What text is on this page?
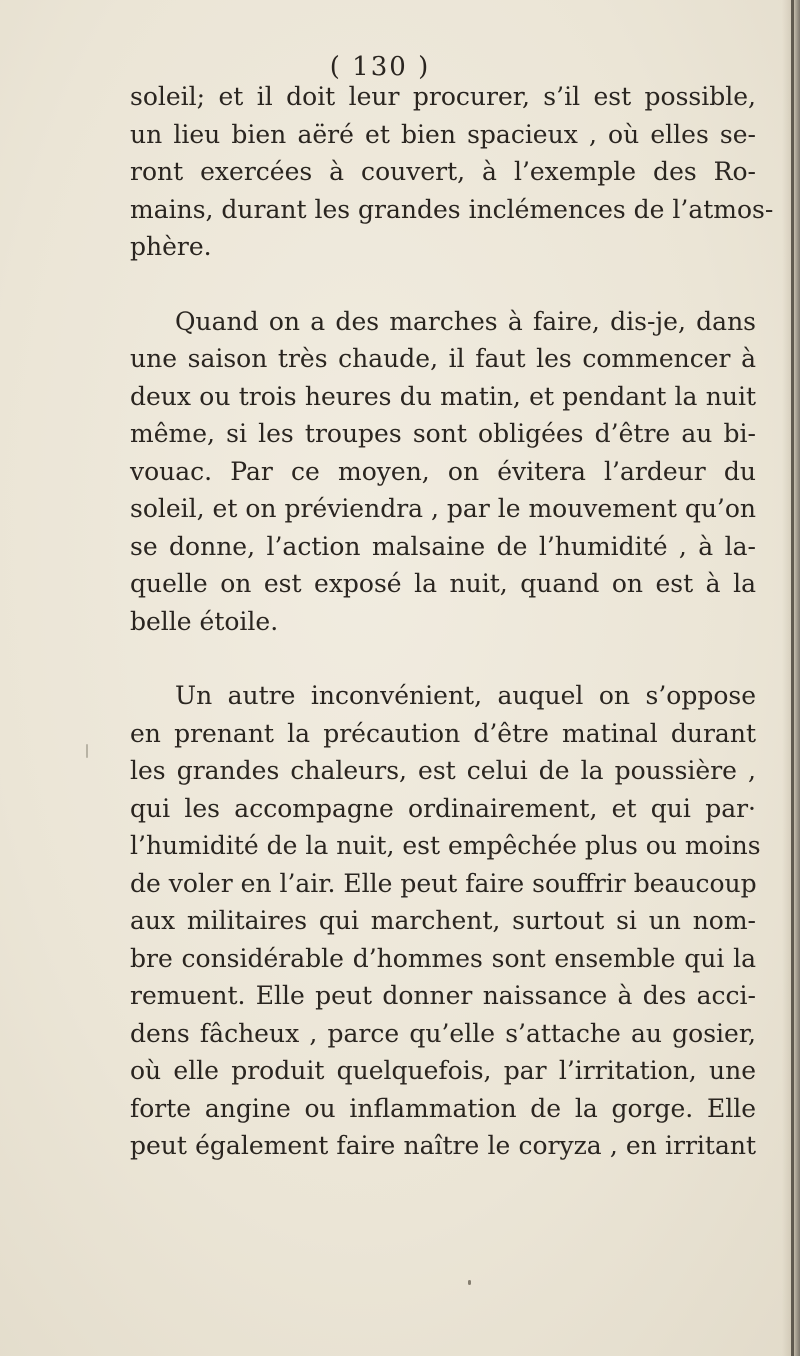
( 130 )
soleil; et il doit leur procurer, s’il est possible,
un lieu bien aëré et bien spacieux , où elles se-
ront exercées à couvert, à l’exemple des Ro-
mains, durant les grandes inclémences de l’atmos-
phère.
Quand on a des marches à faire, dis-je, dans
une saison très chaude, il faut les commencer à
deux ou trois heures du matin, et pendant la nuit
même, si les troupes sont obligées d’être au bi-
vouac. Par ce moyen, on évitera l’ardeur du
soleil, et on préviendra , par le mouvement qu’on
se donne, l’action malsaine de l’humidité , à la-
quelle on est exposé la nuit, quand on est à la
belle étoile.
Un autre inconvénient, auquel on s’oppose
en prenant la précaution d’être matinal durant
les grandes chaleurs, est celui de la poussière ,
qui les accompagne ordinairement, et qui par·
l’humidité de la nuit, est empêchée plus ou moins
de voler en l’air. Elle peut faire souffrir beaucoup
aux militaires qui marchent, surtout si un nom-
bre considérable d’hommes sont ensemble qui la
remuent. Elle peut donner naissance à des acci-
dens fâcheux , parce qu’elle s’attache au gosier,
où elle produit quelquefois, par l’irritation, une
forte angine ou inflammation de la gorge. Elle
peut également faire naître le coryza , en irritant
